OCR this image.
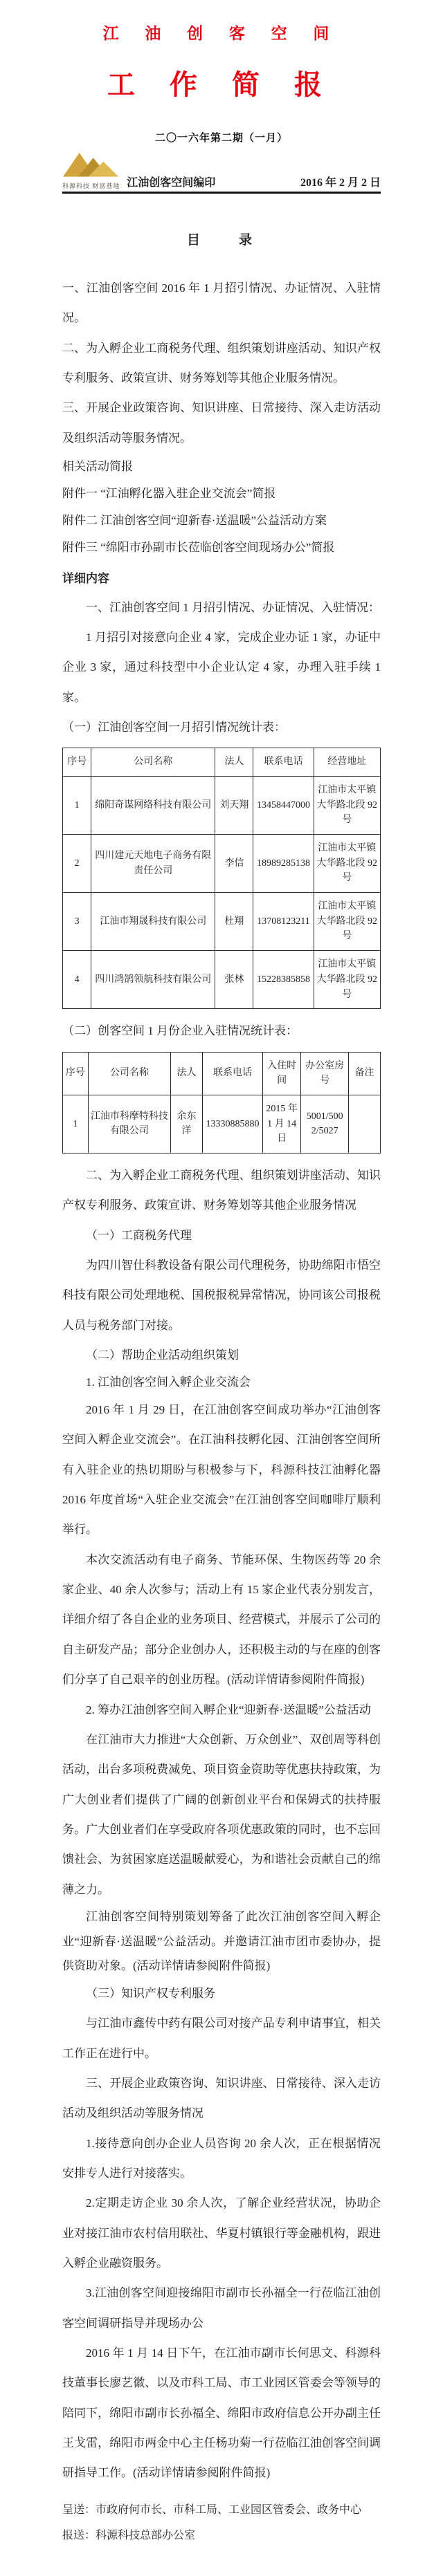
江 油 创 客 空 间
工 作 简 报
二〇一六年第二期（一月）
科源科技 财富基地 江油创客空间编印	2016 年 2 月 2 日
目　　录

一、江油创客空间 2016 年 1 月招引情况、办证情况、入驻情况。

二、为入孵企业工商税务代理、组织策划讲座活动、知识产权专利服务、政策宣讲、财务筹划等其他企业服务情况。

三、开展企业政策咨询、知识讲座、日常接待、深入走访活动及组织活动等服务情况。

相关活动简报

附件一 “江油孵化器入驻企业交流会”简报

附件二 江油创客空间“迎新春·送温暖”公益活动方案

附件三 “绵阳市孙副市长莅临创客空间现场办公”简报

详细内容

一、江油创客空间 1 月招引情况、办证情况、入驻情况：

1 月招引对接意向企业 4 家，完成企业办证 1 家，办证中企业 3 家，通过科技型中小企业认定 4 家，办理入驻手续 1 家。

（一）江油创客空间一月招引情况统计表：

序号	公司名称	法人	联系电话	经营地址
1	绵阳奇谋网络科技有限公司	刘天翔	13458447000	江油市太平镇大华路北段 92 号
2	四川建元天地电子商务有限责任公司	李信	18989285138	江油市太平镇大华路北段 92 号
3	江油市翔晟科技有限公司	杜翔	13708123211	江油市太平镇大华路北段 92 号
4	四川鸿鹄领航科技有限公司	张林	15228385858	江油市太平镇大华路北段 92 号

（二）创客空间 1 月份企业入驻情况统计表：

序号	公司名称	法人	联系电话	入住时间	办公室房号	备注
1	江油市科摩特科技有限公司	余东洋	13330885880	2015 年 1 月 14 日	5001/5002/5027	

二、为入孵企业工商税务代理、组织策划讲座活动、知识产权专利服务、政策宣讲、财务筹划等其他企业服务情况

（一）工商税务代理

为四川智仕科教设备有限公司代理税务，协助绵阳市悟空科技有限公司处理地税、国税报税异常情况，协同该公司报税人员与税务部门对接。

（二）帮助企业活动组织策划

1. 江油创客空间入孵企业交流会

2016 年 1 月 29 日，在江油创客空间成功举办“江油创客空间入孵企业交流会”。在江油科技孵化园、江油创客空间所有入驻企业的热切期盼与积极参与下，科源科技江油孵化器 2016 年度首场“入驻企业交流会”在江油创客空间咖啡厅顺利举行。

本次交流活动有电子商务、节能环保、生物医药等 20 余家企业、40 余人次参与；活动上有 15 家企业代表分别发言，详细介绍了各自企业的业务项目、经营模式，并展示了公司的自主研发产品；部分企业创办人，还积极主动的与在座的创客们分享了自己艰辛的创业历程。(活动详情请参阅附件简报)

2. 筹办江油创客空间入孵企业“迎新春·送温暖”公益活动

在江油市大力推进“大众创新、万众创业”、双创周等科创活动，出台多项税费减免、项目资金资助等优惠扶持政策，为广大创业者们提供了广阔的创新创业平台和保姆式的扶持服务。广大创业者们在享受政府各项优惠政策的同时，也不忘回馈社会、为贫困家庭送温暖献爱心，为和谐社会贡献自己的绵薄之力。

江油创客空间特别策划筹备了此次江油创客空间入孵企业“迎新春·送温暖”公益活动。并邀请江油市团市委协办，提供资助对象。(活动详情请参阅附件简报)

（三）知识产权专利服务

与江油市鑫传中药有限公司对接产品专利申请事宜，相关工作正在进行中。

三、开展企业政策咨询、知识讲座、日常接待、深入走访活动及组织活动等服务情况

1.接待意向创办企业人员咨询 20 余人次，正在根据情况安排专人进行对接落实。

2.定期走访企业 30 余人次，了解企业经营状况，协助企业对接江油市农村信用联社、华夏村镇银行等金融机构，跟进入孵企业融资服务。

3.江油创客空间迎接绵阳市副市长孙福全一行莅临江油创客空间调研指导并现场办公

2016 年 1 月 14 日下午，在江油市副市长何思文、科源科技董事长廖艺徽、以及市科工局、市工业园区管委会等领导的陪同下，绵阳市副市长孙福全、绵阳市政府信息公开办副主任王戈雷，绵阳市两金中心主任杨功菊一行莅临江油创客空间调研指导工作。(活动详情请参阅附件简报)

呈送：市政府何市长、市科工局、工业园区管委会、政务中心

报送：科源科技总部办公室
